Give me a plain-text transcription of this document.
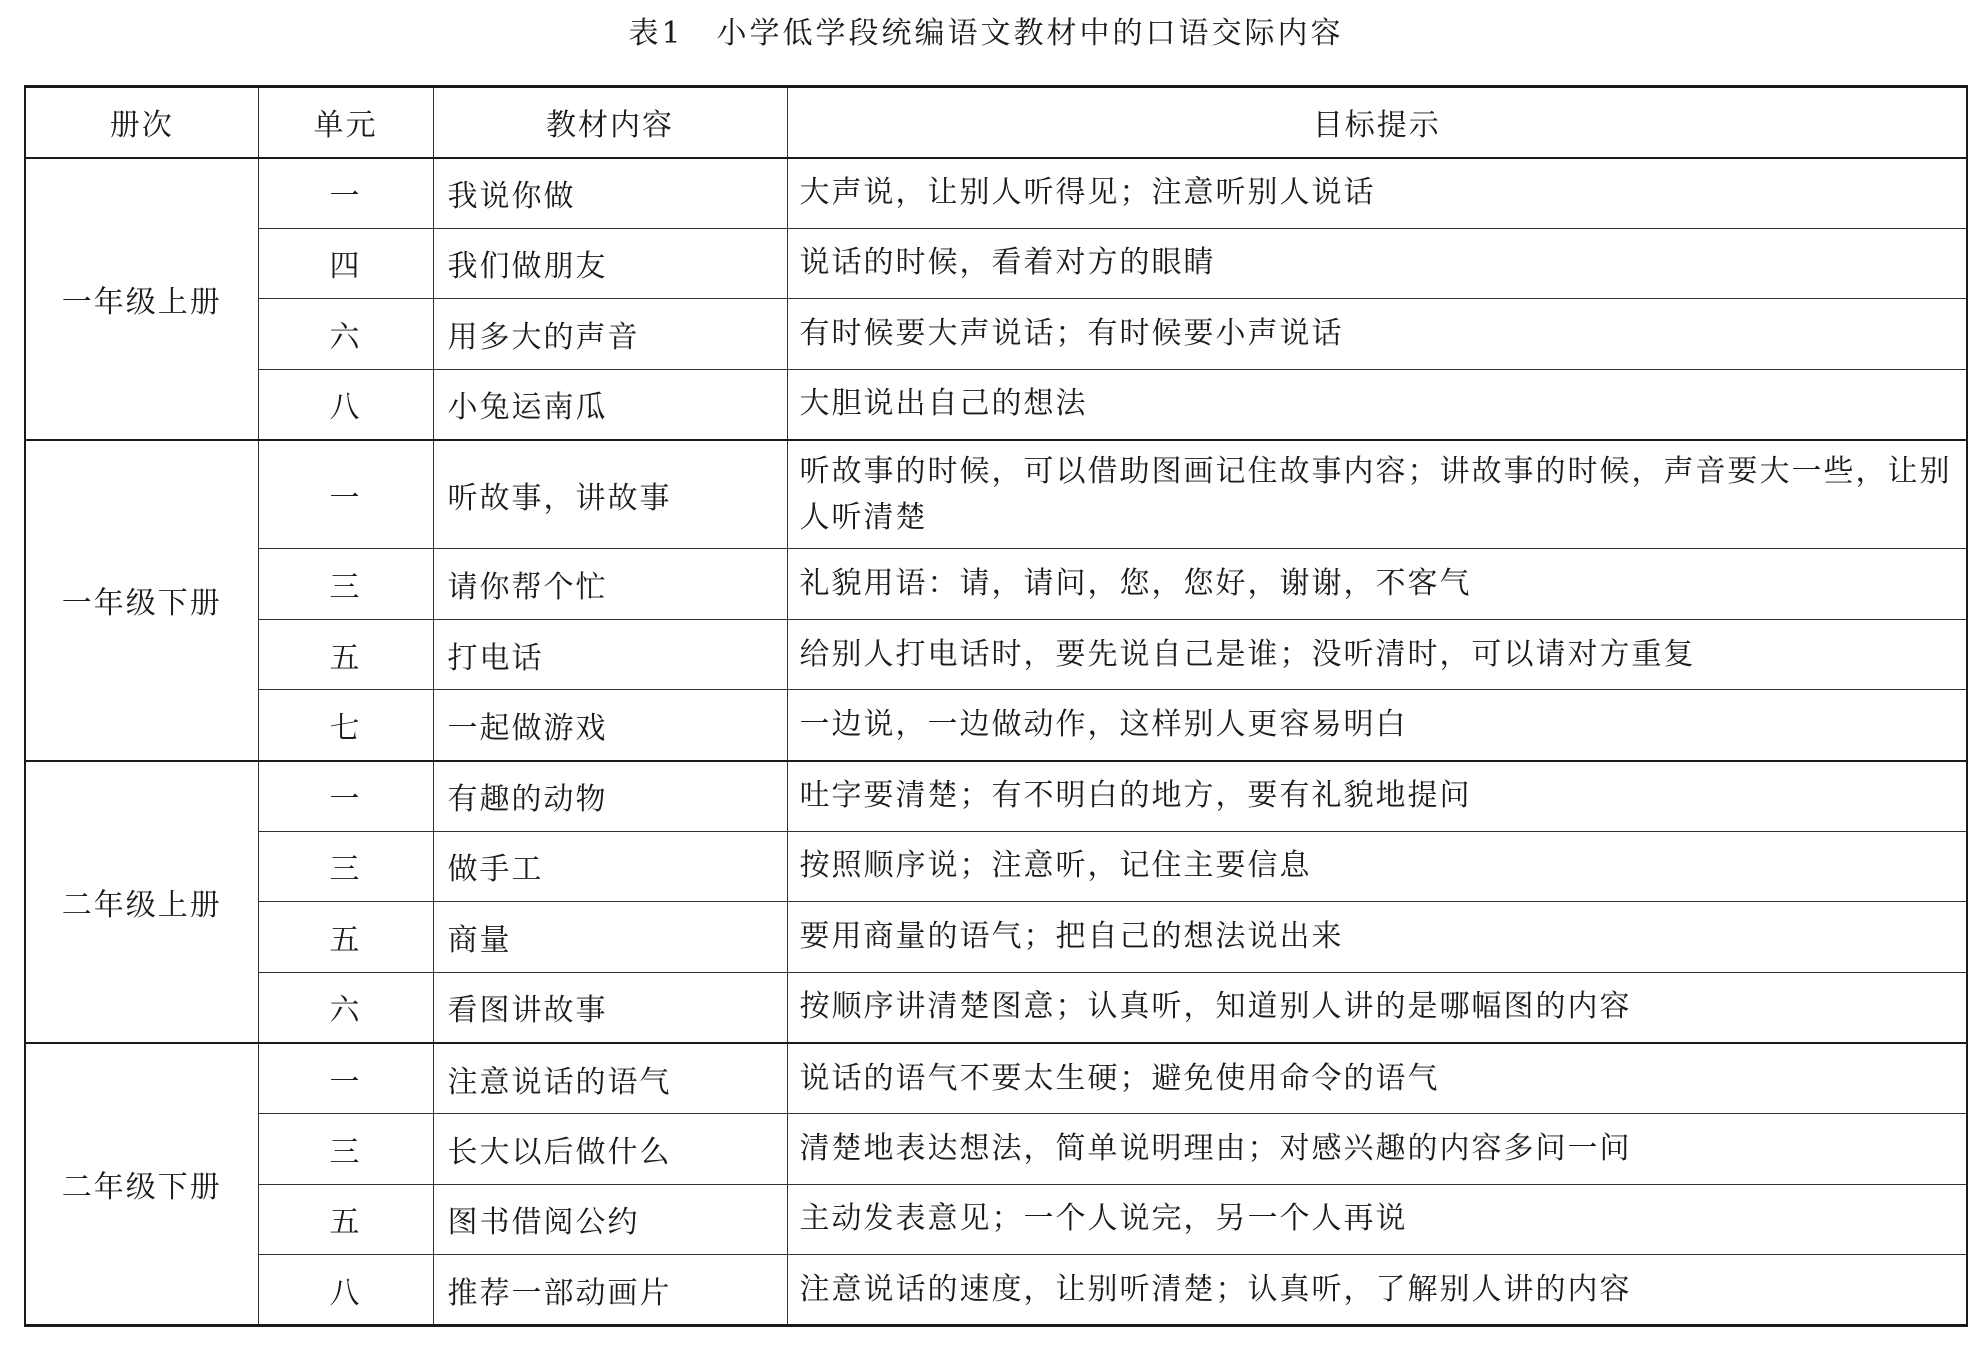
表1　小学低学段统编语文教材中的口语交际内容
册次	单元	教材内容	目标提示
一年级上册	一	我说你做	大声说，让别人听得见；注意听别人说话
	四	我们做朋友	说话的时候，看着对方的眼睛
	六	用多大的声音	有时候要大声说话；有时候要小声说话
	八	小兔运南瓜	大胆说出自己的想法
一年级下册	一	听故事，讲故事	听故事的时候，可以借助图画记住故事内容；讲故事的时候，声音要大一些，让别人听清楚
	三	请你帮个忙	礼貌用语：请，请问，您，您好，谢谢，不客气
	五	打电话	给别人打电话时，要先说自己是谁；没听清时，可以请对方重复
	七	一起做游戏	一边说，一边做动作，这样别人更容易明白
二年级上册	一	有趣的动物	吐字要清楚；有不明白的地方，要有礼貌地提问
	三	做手工	按照顺序说；注意听，记住主要信息
	五	商量	要用商量的语气；把自己的想法说出来
	六	看图讲故事	按顺序讲清楚图意；认真听，知道别人讲的是哪幅图的内容
二年级下册	一	注意说话的语气	说话的语气不要太生硬；避免使用命令的语气
	三	长大以后做什么	清楚地表达想法，简单说明理由；对感兴趣的内容多问一问
	五	图书借阅公约	主动发表意见；一个人说完，另一个人再说
	八	推荐一部动画片	注意说话的速度，让别听清楚；认真听，了解别人讲的内容
